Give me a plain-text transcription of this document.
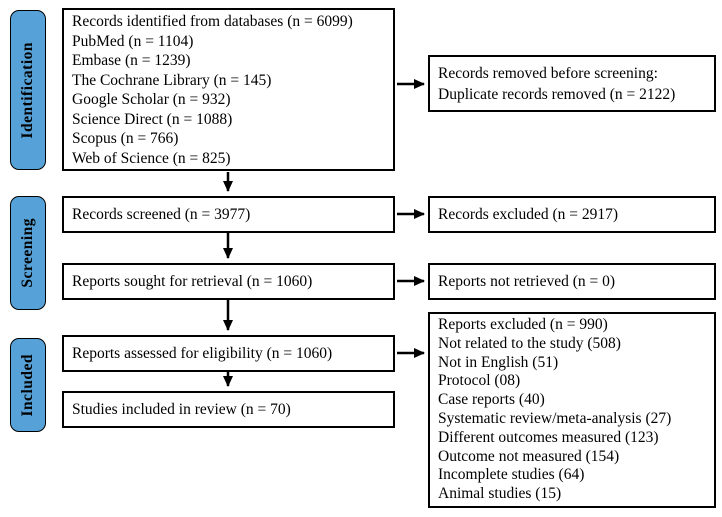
Identification
Screening
Included
Records identified from databases (n = 6099)
PubMed (n = 1104)
Embase (n = 1239)
The Cochrane Library (n = 145)
Google Scholar (n = 932)
Science Direct (n = 1088)
Scopus (n = 766)
Web of Science (n = 825)
Records removed before screening:
Duplicate records removed (n = 2122)
Records screened (n = 3977)	Records excluded (n = 2917)
Reports sought for retrieval (n = 1060)	Reports not retrieved (n = 0)
Reports assessed for eligibility (n = 1060)
Reports excluded (n = 990)
Not related to the study (508)
Not in English (51)
Protocol (08)
Case reports (40)
Systematic review/meta-analysis (27)
Different outcomes measured (123)
Outcome not measured (154)
Incomplete studies (64)
Animal studies (15)
Studies included in review (n = 70)
